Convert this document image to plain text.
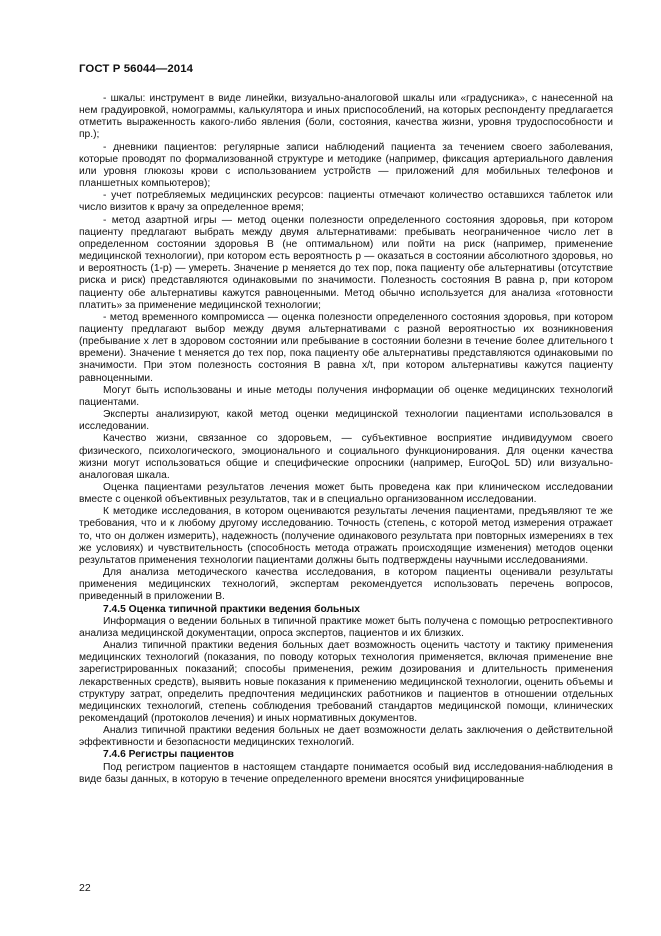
ГОСТ Р 56044—2014

- шкалы: инструмент в виде линейки, визуально-аналоговой шкалы или «градусника», с нанесенной на нем градуировкой, номограммы, калькулятора и иных приспособлений, на которых респонденту предлагается отметить выраженность какого-либо явления (боли, состояния, качества жизни, уровня трудоспособности и пр.);

- дневники пациентов: регулярные записи наблюдений пациента за течением своего заболевания, которые проводят по формализованной структуре и методике (например, фиксация артериального давления или уровня глюкозы крови с использованием устройств — приложений для мобильных телефонов и планшетных компьютеров);

- учет потребляемых медицинских ресурсов: пациенты отмечают количество оставшихся таблеток или число визитов к врачу за определенное время;

- метод азартной игры — метод оценки полезности определенного состояния здоровья, при котором пациенту предлагают выбрать между двумя альтернативами: пребывать неограниченное число лет в определенном состоянии здоровья B (не оптимальном) или пойти на риск (например, применение медицинской технологии), при котором есть вероятность p — оказаться в состоянии абсолютного здоровья, но и вероятность (1-p) — умереть. Значение p меняется до тех пор, пока пациенту обе альтернативы (отсутствие риска и риск) представляются одинаковыми по значимости. Полезность состояния B равна p, при котором пациенту обе альтернативы кажутся равноценными. Метод обычно используется для анализа «готовности платить» за применение медицинской технологии;

- метод временного компромисса — оценка полезности определенного состояния здоровья, при котором пациенту предлагают выбор между двумя альтернативами с разной вероятностью их возникновения (пребывание x лет в здоровом состоянии или пребывание в состоянии болезни в течение более длительного t времени). Значение t меняется до тех пор, пока пациенту обе альтернативы представляются одинаковыми по значимости. При этом полезность состояния B равна x/t, при котором альтернативы кажутся пациенту равноценными.

Могут быть использованы и иные методы получения информации об оценке медицинских технологий пациентами.

Эксперты анализируют, какой метод оценки медицинской технологии пациентами использовался в исследовании.

Качество жизни, связанное со здоровьем, — субъективное восприятие индивидуумом своего физического, психологического, эмоционального и социального функционирования. Для оценки качества жизни могут использоваться общие и специфические опросники (например, EuroQoL 5D) или визуально-аналоговая шкала.

Оценка пациентами результатов лечения может быть проведена как при клиническом исследовании вместе с оценкой объективных результатов, так и в специально организованном исследовании.

К методике исследования, в котором оцениваются результаты лечения пациентами, предъявляют те же требования, что и к любому другому исследованию. Точность (степень, с которой метод измерения отражает то, что он должен измерить), надежность (получение одинакового результата при повторных измерениях в тех же условиях) и чувствительность (способность метода отражать происходящие изменения) методов оценки результатов применения технологии пациентами должны быть подтверждены научными исследованиями.

Для анализа методического качества исследования, в котором пациенты оценивали результаты применения медицинских технологий, экспертам рекомендуется использовать перечень вопросов, приведенный в приложении В.

7.4.5 Оценка типичной практики ведения больных

Информация о ведении больных в типичной практике может быть получена с помощью ретроспективного анализа медицинской документации, опроса экспертов, пациентов и их близких.

Анализ типичной практики ведения больных дает возможность оценить частоту и тактику применения медицинских технологий (показания, по поводу которых технология применяется, включая применение вне зарегистрированных показаний; способы применения, режим дозирования и длительность применения лекарственных средств), выявить новые показания к применению медицинской технологии, оценить объемы и структуру затрат, определить предпочтения медицинских работников и пациентов в отношении отдельных медицинских технологий, степень соблюдения требований стандартов медицинской помощи, клинических рекомендаций (протоколов лечения) и иных нормативных документов.

Анализ типичной практики ведения больных не дает возможности делать заключения о действительной эффективности и безопасности медицинских технологий.

7.4.6 Регистры пациентов

Под регистром пациентов в настоящем стандарте понимается особый вид исследования-наблюдения в виде базы данных, в которую в течение определенного времени вносятся унифицированные

22
